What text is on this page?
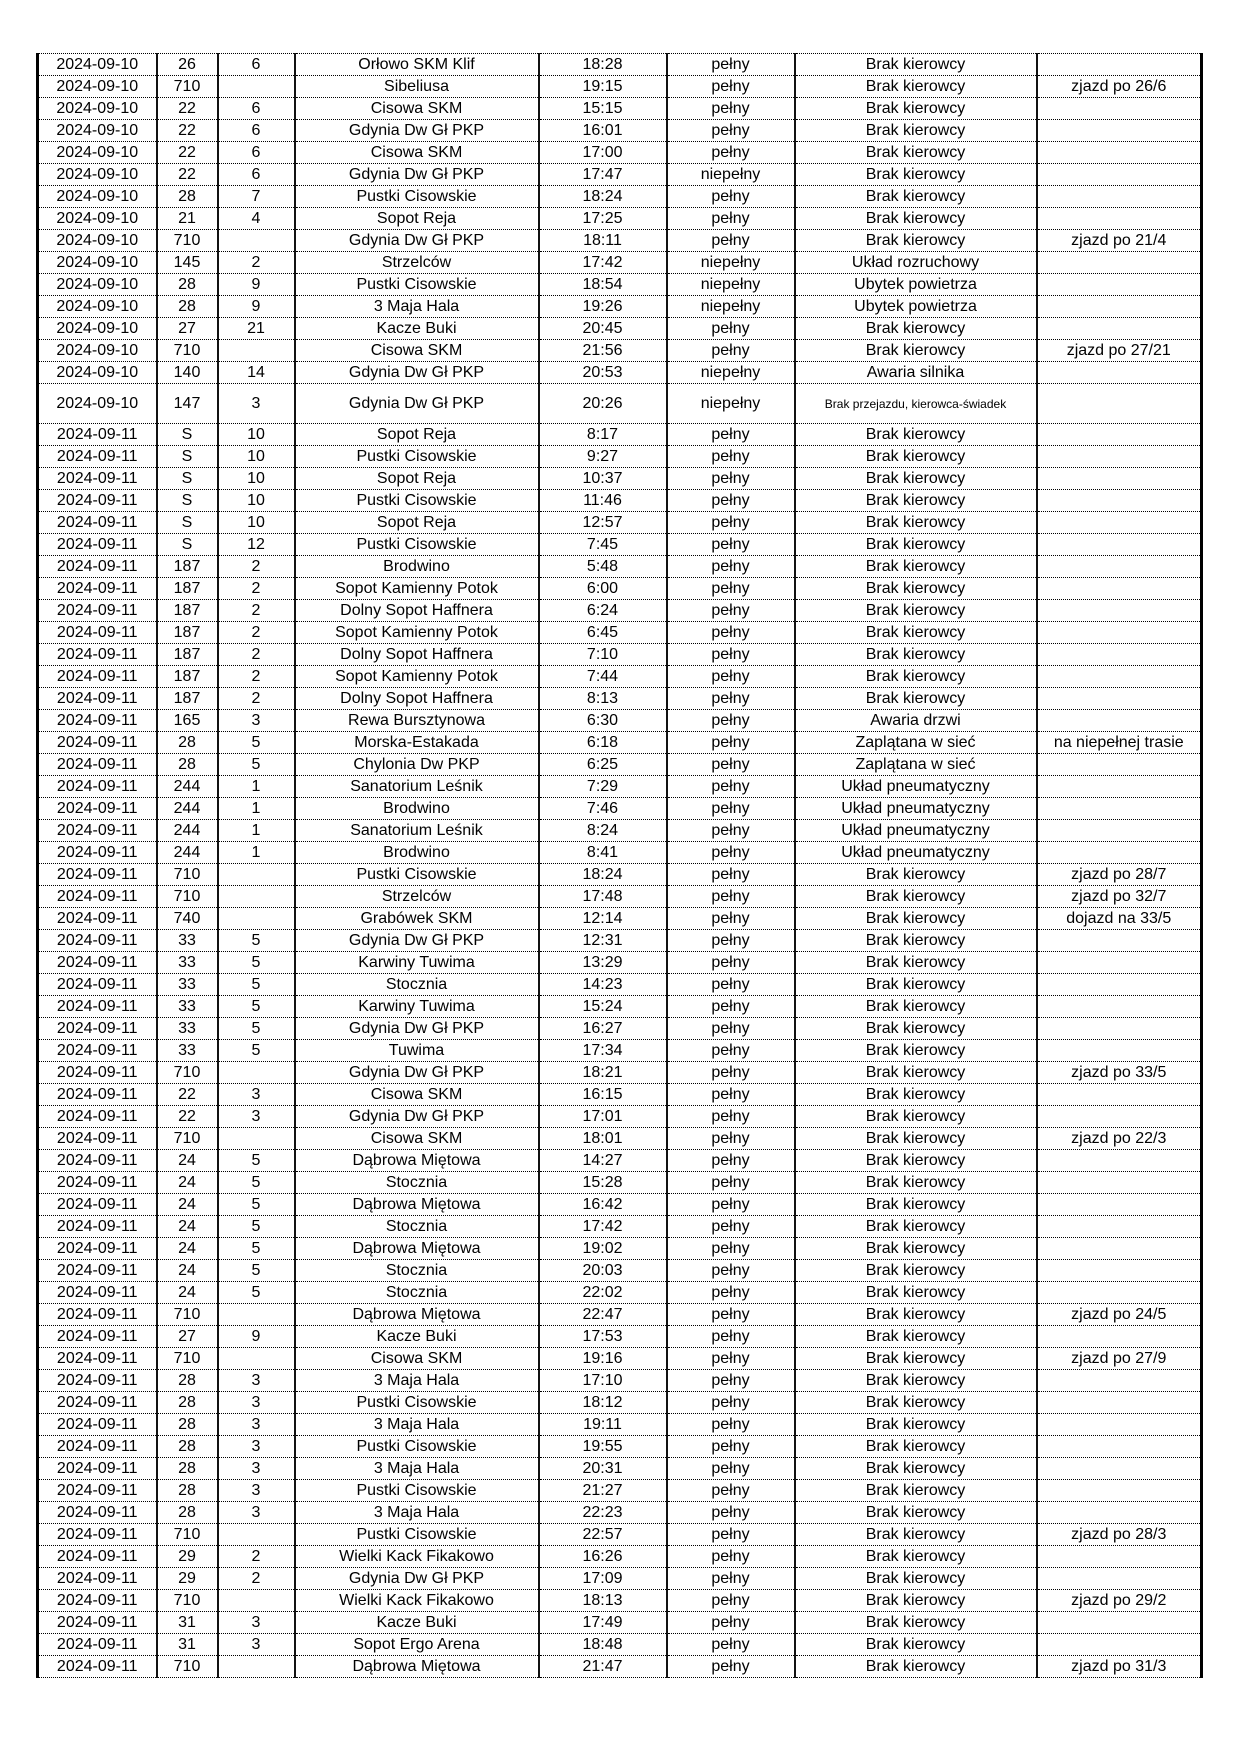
2024-09-10	26	6	Orłowo SKM Klif	18:28	pełny	Brak kierowcy	
2024-09-10	710		Sibeliusa	19:15	pełny	Brak kierowcy	zjazd po 26/6
2024-09-10	22	6	Cisowa SKM	15:15	pełny	Brak kierowcy	
2024-09-10	22	6	Gdynia Dw Gł PKP	16:01	pełny	Brak kierowcy	
2024-09-10	22	6	Cisowa SKM	17:00	pełny	Brak kierowcy	
2024-09-10	22	6	Gdynia Dw Gł PKP	17:47	niepełny	Brak kierowcy	
2024-09-10	28	7	Pustki Cisowskie	18:24	pełny	Brak kierowcy	
2024-09-10	21	4	Sopot Reja	17:25	pełny	Brak kierowcy	
2024-09-10	710		Gdynia Dw Gł PKP	18:11	pełny	Brak kierowcy	zjazd po 21/4
2024-09-10	145	2	Strzelców	17:42	niepełny	Układ rozruchowy	
2024-09-10	28	9	Pustki Cisowskie	18:54	niepełny	Ubytek powietrza	
2024-09-10	28	9	3 Maja Hala	19:26	niepełny	Ubytek powietrza	
2024-09-10	27	21	Kacze Buki	20:45	pełny	Brak kierowcy	
2024-09-10	710		Cisowa SKM	21:56	pełny	Brak kierowcy	zjazd po 27/21
2024-09-10	140	14	Gdynia Dw Gł PKP	20:53	niepełny	Awaria silnika	
2024-09-10	147	3	Gdynia Dw Gł PKP	20:26	niepełny	Brak przejazdu, kierowca-świadek	
2024-09-11	S	10	Sopot Reja	8:17	pełny	Brak kierowcy	
2024-09-11	S	10	Pustki Cisowskie	9:27	pełny	Brak kierowcy	
2024-09-11	S	10	Sopot Reja	10:37	pełny	Brak kierowcy	
2024-09-11	S	10	Pustki Cisowskie	11:46	pełny	Brak kierowcy	
2024-09-11	S	10	Sopot Reja	12:57	pełny	Brak kierowcy	
2024-09-11	S	12	Pustki Cisowskie	7:45	pełny	Brak kierowcy	
2024-09-11	187	2	Brodwino	5:48	pełny	Brak kierowcy	
2024-09-11	187	2	Sopot Kamienny Potok	6:00	pełny	Brak kierowcy	
2024-09-11	187	2	Dolny Sopot Haffnera	6:24	pełny	Brak kierowcy	
2024-09-11	187	2	Sopot Kamienny Potok	6:45	pełny	Brak kierowcy	
2024-09-11	187	2	Dolny Sopot Haffnera	7:10	pełny	Brak kierowcy	
2024-09-11	187	2	Sopot Kamienny Potok	7:44	pełny	Brak kierowcy	
2024-09-11	187	2	Dolny Sopot Haffnera	8:13	pełny	Brak kierowcy	
2024-09-11	165	3	Rewa Bursztynowa	6:30	pełny	Awaria drzwi	
2024-09-11	28	5	Morska-Estakada	6:18	pełny	Zaplątana w sieć	na niepełnej trasie
2024-09-11	28	5	Chylonia Dw PKP	6:25	pełny	Zaplątana w sieć	
2024-09-11	244	1	Sanatorium Leśnik	7:29	pełny	Układ pneumatyczny	
2024-09-11	244	1	Brodwino	7:46	pełny	Układ pneumatyczny	
2024-09-11	244	1	Sanatorium Leśnik	8:24	pełny	Układ pneumatyczny	
2024-09-11	244	1	Brodwino	8:41	pełny	Układ pneumatyczny	
2024-09-11	710		Pustki Cisowskie	18:24	pełny	Brak kierowcy	zjazd po 28/7
2024-09-11	710		Strzelców	17:48	pełny	Brak kierowcy	zjazd po 32/7
2024-09-11	740		Grabówek SKM	12:14	pełny	Brak kierowcy	dojazd na 33/5
2024-09-11	33	5	Gdynia Dw Gł PKP	12:31	pełny	Brak kierowcy	
2024-09-11	33	5	Karwiny Tuwima	13:29	pełny	Brak kierowcy	
2024-09-11	33	5	Stocznia	14:23	pełny	Brak kierowcy	
2024-09-11	33	5	Karwiny Tuwima	15:24	pełny	Brak kierowcy	
2024-09-11	33	5	Gdynia Dw Gł PKP	16:27	pełny	Brak kierowcy	
2024-09-11	33	5	Tuwima	17:34	pełny	Brak kierowcy	
2024-09-11	710		Gdynia Dw Gł PKP	18:21	pełny	Brak kierowcy	zjazd po 33/5
2024-09-11	22	3	Cisowa SKM	16:15	pełny	Brak kierowcy	
2024-09-11	22	3	Gdynia Dw Gł PKP	17:01	pełny	Brak kierowcy	
2024-09-11	710		Cisowa SKM	18:01	pełny	Brak kierowcy	zjazd po 22/3
2024-09-11	24	5	Dąbrowa Miętowa	14:27	pełny	Brak kierowcy	
2024-09-11	24	5	Stocznia	15:28	pełny	Brak kierowcy	
2024-09-11	24	5	Dąbrowa Miętowa	16:42	pełny	Brak kierowcy	
2024-09-11	24	5	Stocznia	17:42	pełny	Brak kierowcy	
2024-09-11	24	5	Dąbrowa Miętowa	19:02	pełny	Brak kierowcy	
2024-09-11	24	5	Stocznia	20:03	pełny	Brak kierowcy	
2024-09-11	24	5	Stocznia	22:02	pełny	Brak kierowcy	
2024-09-11	710		Dąbrowa Miętowa	22:47	pełny	Brak kierowcy	zjazd po 24/5
2024-09-11	27	9	Kacze Buki	17:53	pełny	Brak kierowcy	
2024-09-11	710		Cisowa SKM	19:16	pełny	Brak kierowcy	zjazd po 27/9
2024-09-11	28	3	3 Maja Hala	17:10	pełny	Brak kierowcy	
2024-09-11	28	3	Pustki Cisowskie	18:12	pełny	Brak kierowcy	
2024-09-11	28	3	3 Maja Hala	19:11	pełny	Brak kierowcy	
2024-09-11	28	3	Pustki Cisowskie	19:55	pełny	Brak kierowcy	
2024-09-11	28	3	3 Maja Hala	20:31	pełny	Brak kierowcy	
2024-09-11	28	3	Pustki Cisowskie	21:27	pełny	Brak kierowcy	
2024-09-11	28	3	3 Maja Hala	22:23	pełny	Brak kierowcy	
2024-09-11	710		Pustki Cisowskie	22:57	pełny	Brak kierowcy	zjazd po 28/3
2024-09-11	29	2	Wielki Kack Fikakowo	16:26	pełny	Brak kierowcy	
2024-09-11	29	2	Gdynia Dw Gł PKP	17:09	pełny	Brak kierowcy	
2024-09-11	710		Wielki Kack Fikakowo	18:13	pełny	Brak kierowcy	zjazd po 29/2
2024-09-11	31	3	Kacze Buki	17:49	pełny	Brak kierowcy	
2024-09-11	31	3	Sopot Ergo Arena	18:48	pełny	Brak kierowcy	
2024-09-11	710		Dąbrowa Miętowa	21:47	pełny	Brak kierowcy	zjazd po 31/3
